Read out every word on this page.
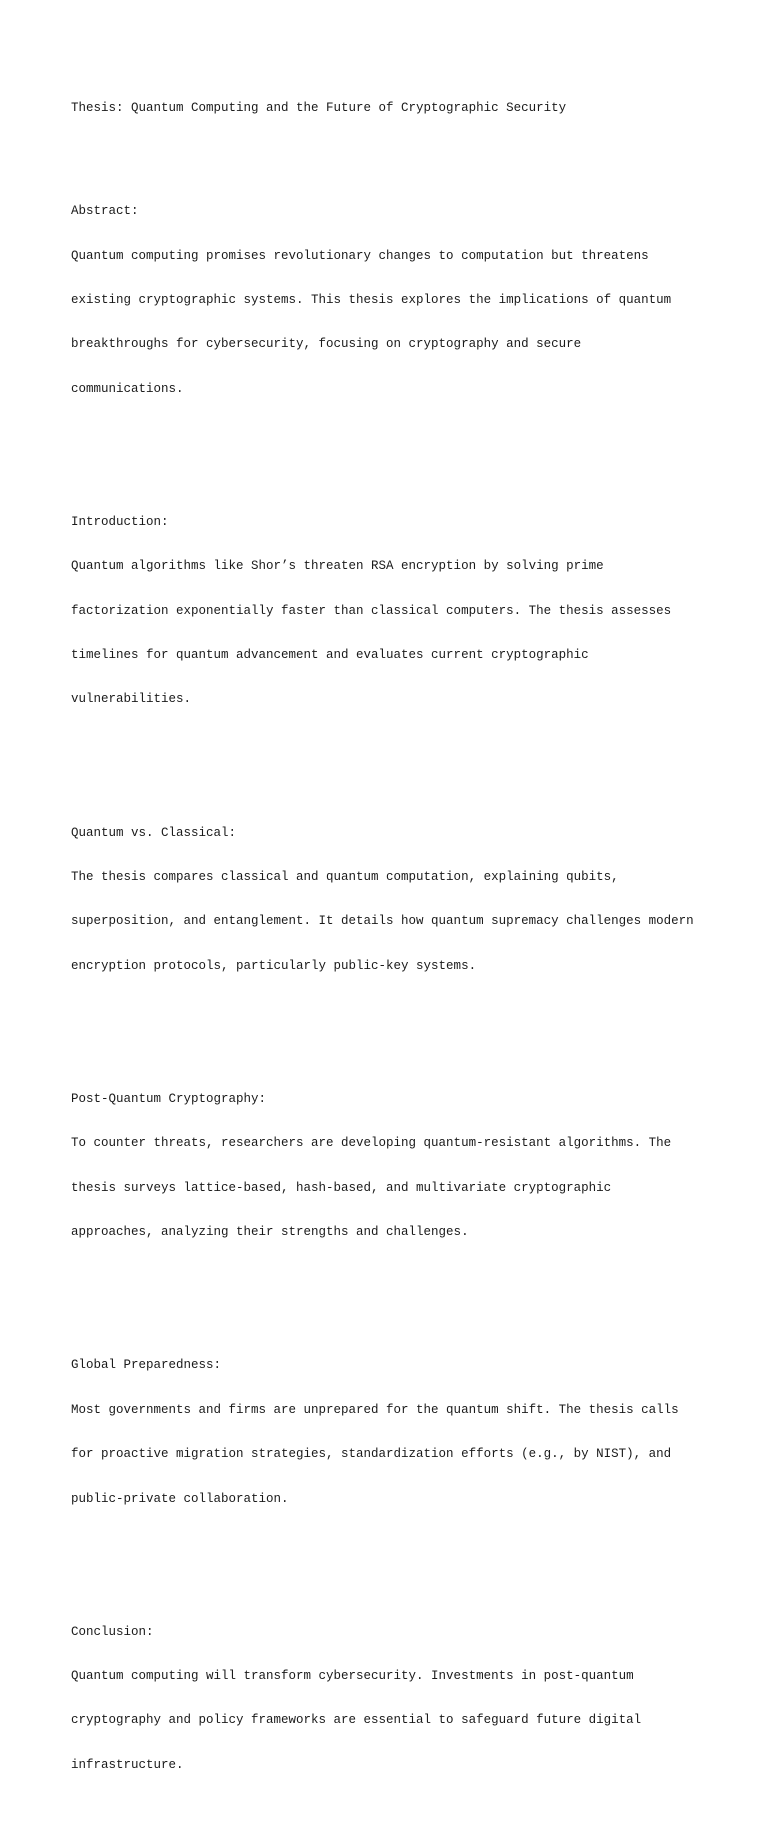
Thesis: Quantum Computing and the Future of Cryptographic Security

Abstract:

Quantum computing promises revolutionary changes to computation but threatens

existing cryptographic systems. This thesis explores the implications of quantum

breakthroughs for cybersecurity, focusing on cryptography and secure

communications.

Introduction:

Quantum algorithms like Shor’s threaten RSA encryption by solving prime

factorization exponentially faster than classical computers. The thesis assesses

timelines for quantum advancement and evaluates current cryptographic

vulnerabilities.

Quantum vs. Classical:

The thesis compares classical and quantum computation, explaining qubits,

superposition, and entanglement. It details how quantum supremacy challenges modern

encryption protocols, particularly public-key systems.

Post-Quantum Cryptography:

To counter threats, researchers are developing quantum-resistant algorithms. The

thesis surveys lattice-based, hash-based, and multivariate cryptographic

approaches, analyzing their strengths and challenges.

Global Preparedness:

Most governments and firms are unprepared for the quantum shift. The thesis calls

for proactive migration strategies, standardization efforts (e.g., by NIST), and

public-private collaboration.

Conclusion:

Quantum computing will transform cybersecurity. Investments in post-quantum

cryptography and policy frameworks are essential to safeguard future digital

infrastructure.
